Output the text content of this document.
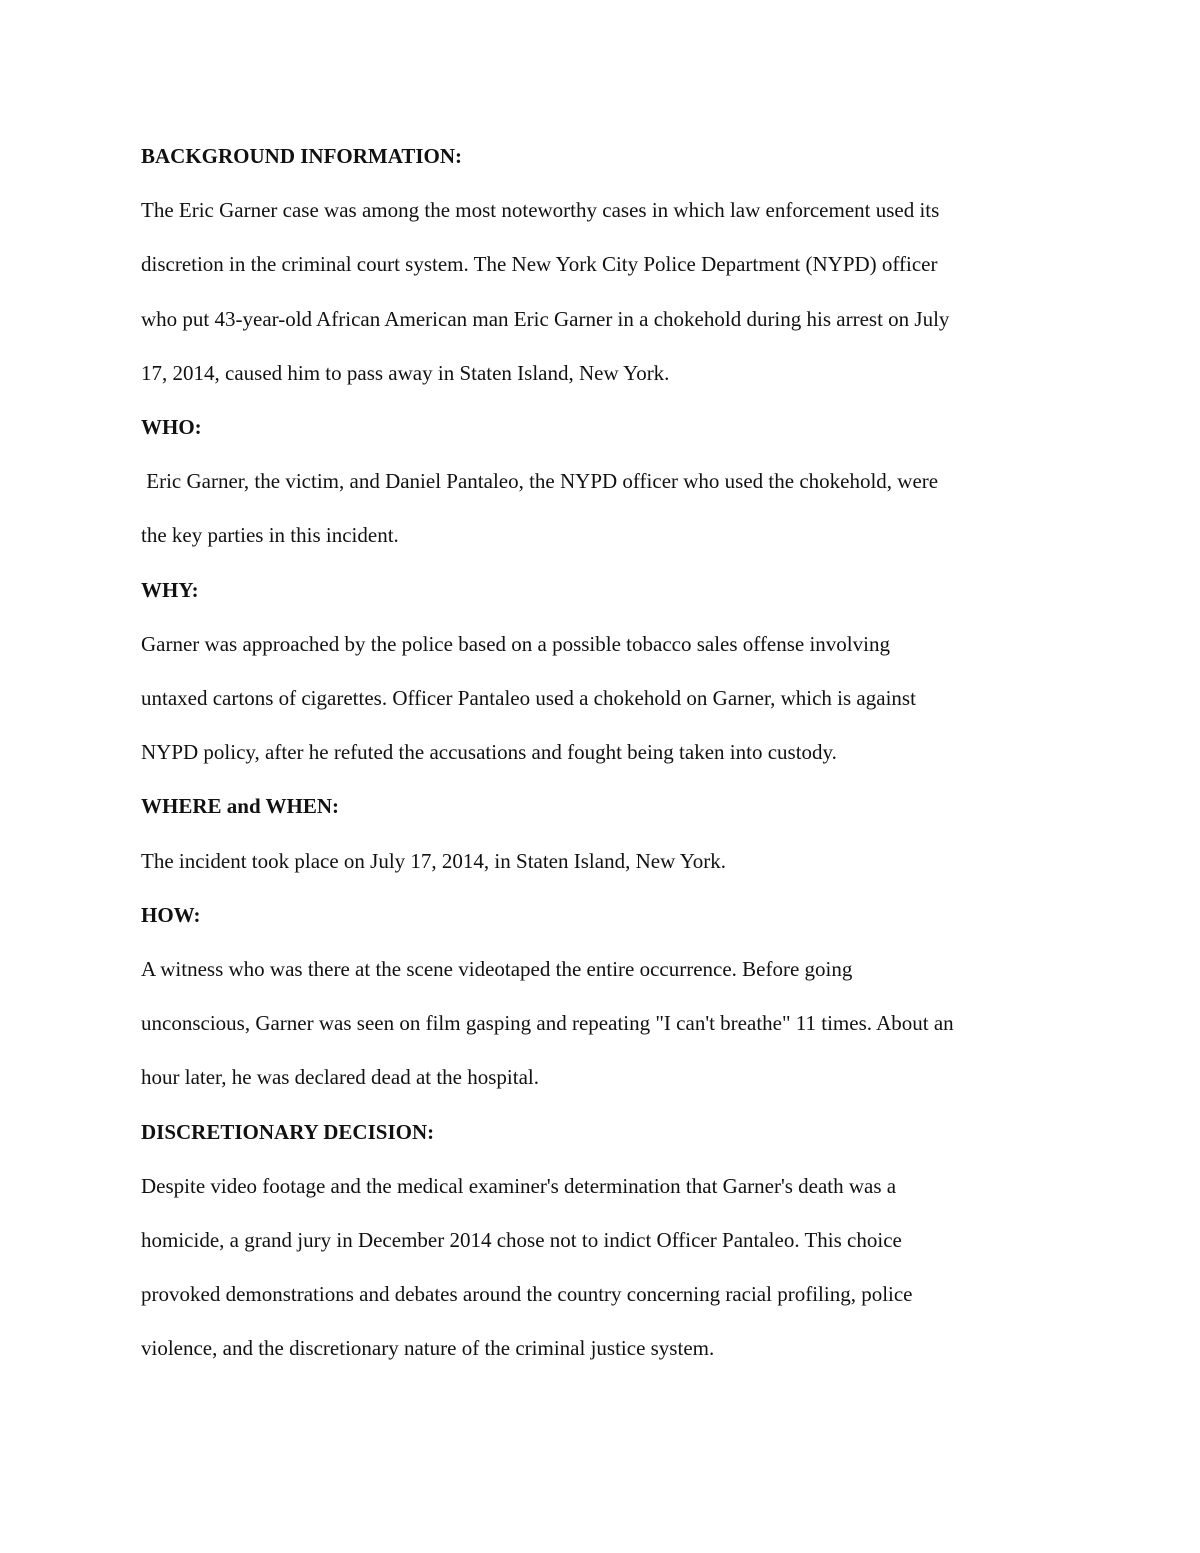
BACKGROUND INFORMATION:
The Eric Garner case was among the most noteworthy cases in which law enforcement used its
discretion in the criminal court system. The New York City Police Department (NYPD) officer
who put 43-year-old African American man Eric Garner in a chokehold during his arrest on July
17, 2014, caused him to pass away in Staten Island, New York.
WHO:
Eric Garner, the victim, and Daniel Pantaleo, the NYPD officer who used the chokehold, were
the key parties in this incident.
WHY:
Garner was approached by the police based on a possible tobacco sales offense involving
untaxed cartons of cigarettes. Officer Pantaleo used a chokehold on Garner, which is against
NYPD policy, after he refuted the accusations and fought being taken into custody.
WHERE and WHEN:
The incident took place on July 17, 2014, in Staten Island, New York.
HOW:
A witness who was there at the scene videotaped the entire occurrence. Before going
unconscious, Garner was seen on film gasping and repeating "I can't breathe" 11 times. About an
hour later, he was declared dead at the hospital.
DISCRETIONARY DECISION:
Despite video footage and the medical examiner's determination that Garner's death was a
homicide, a grand jury in December 2014 chose not to indict Officer Pantaleo. This choice
provoked demonstrations and debates around the country concerning racial profiling, police
violence, and the discretionary nature of the criminal justice system.
